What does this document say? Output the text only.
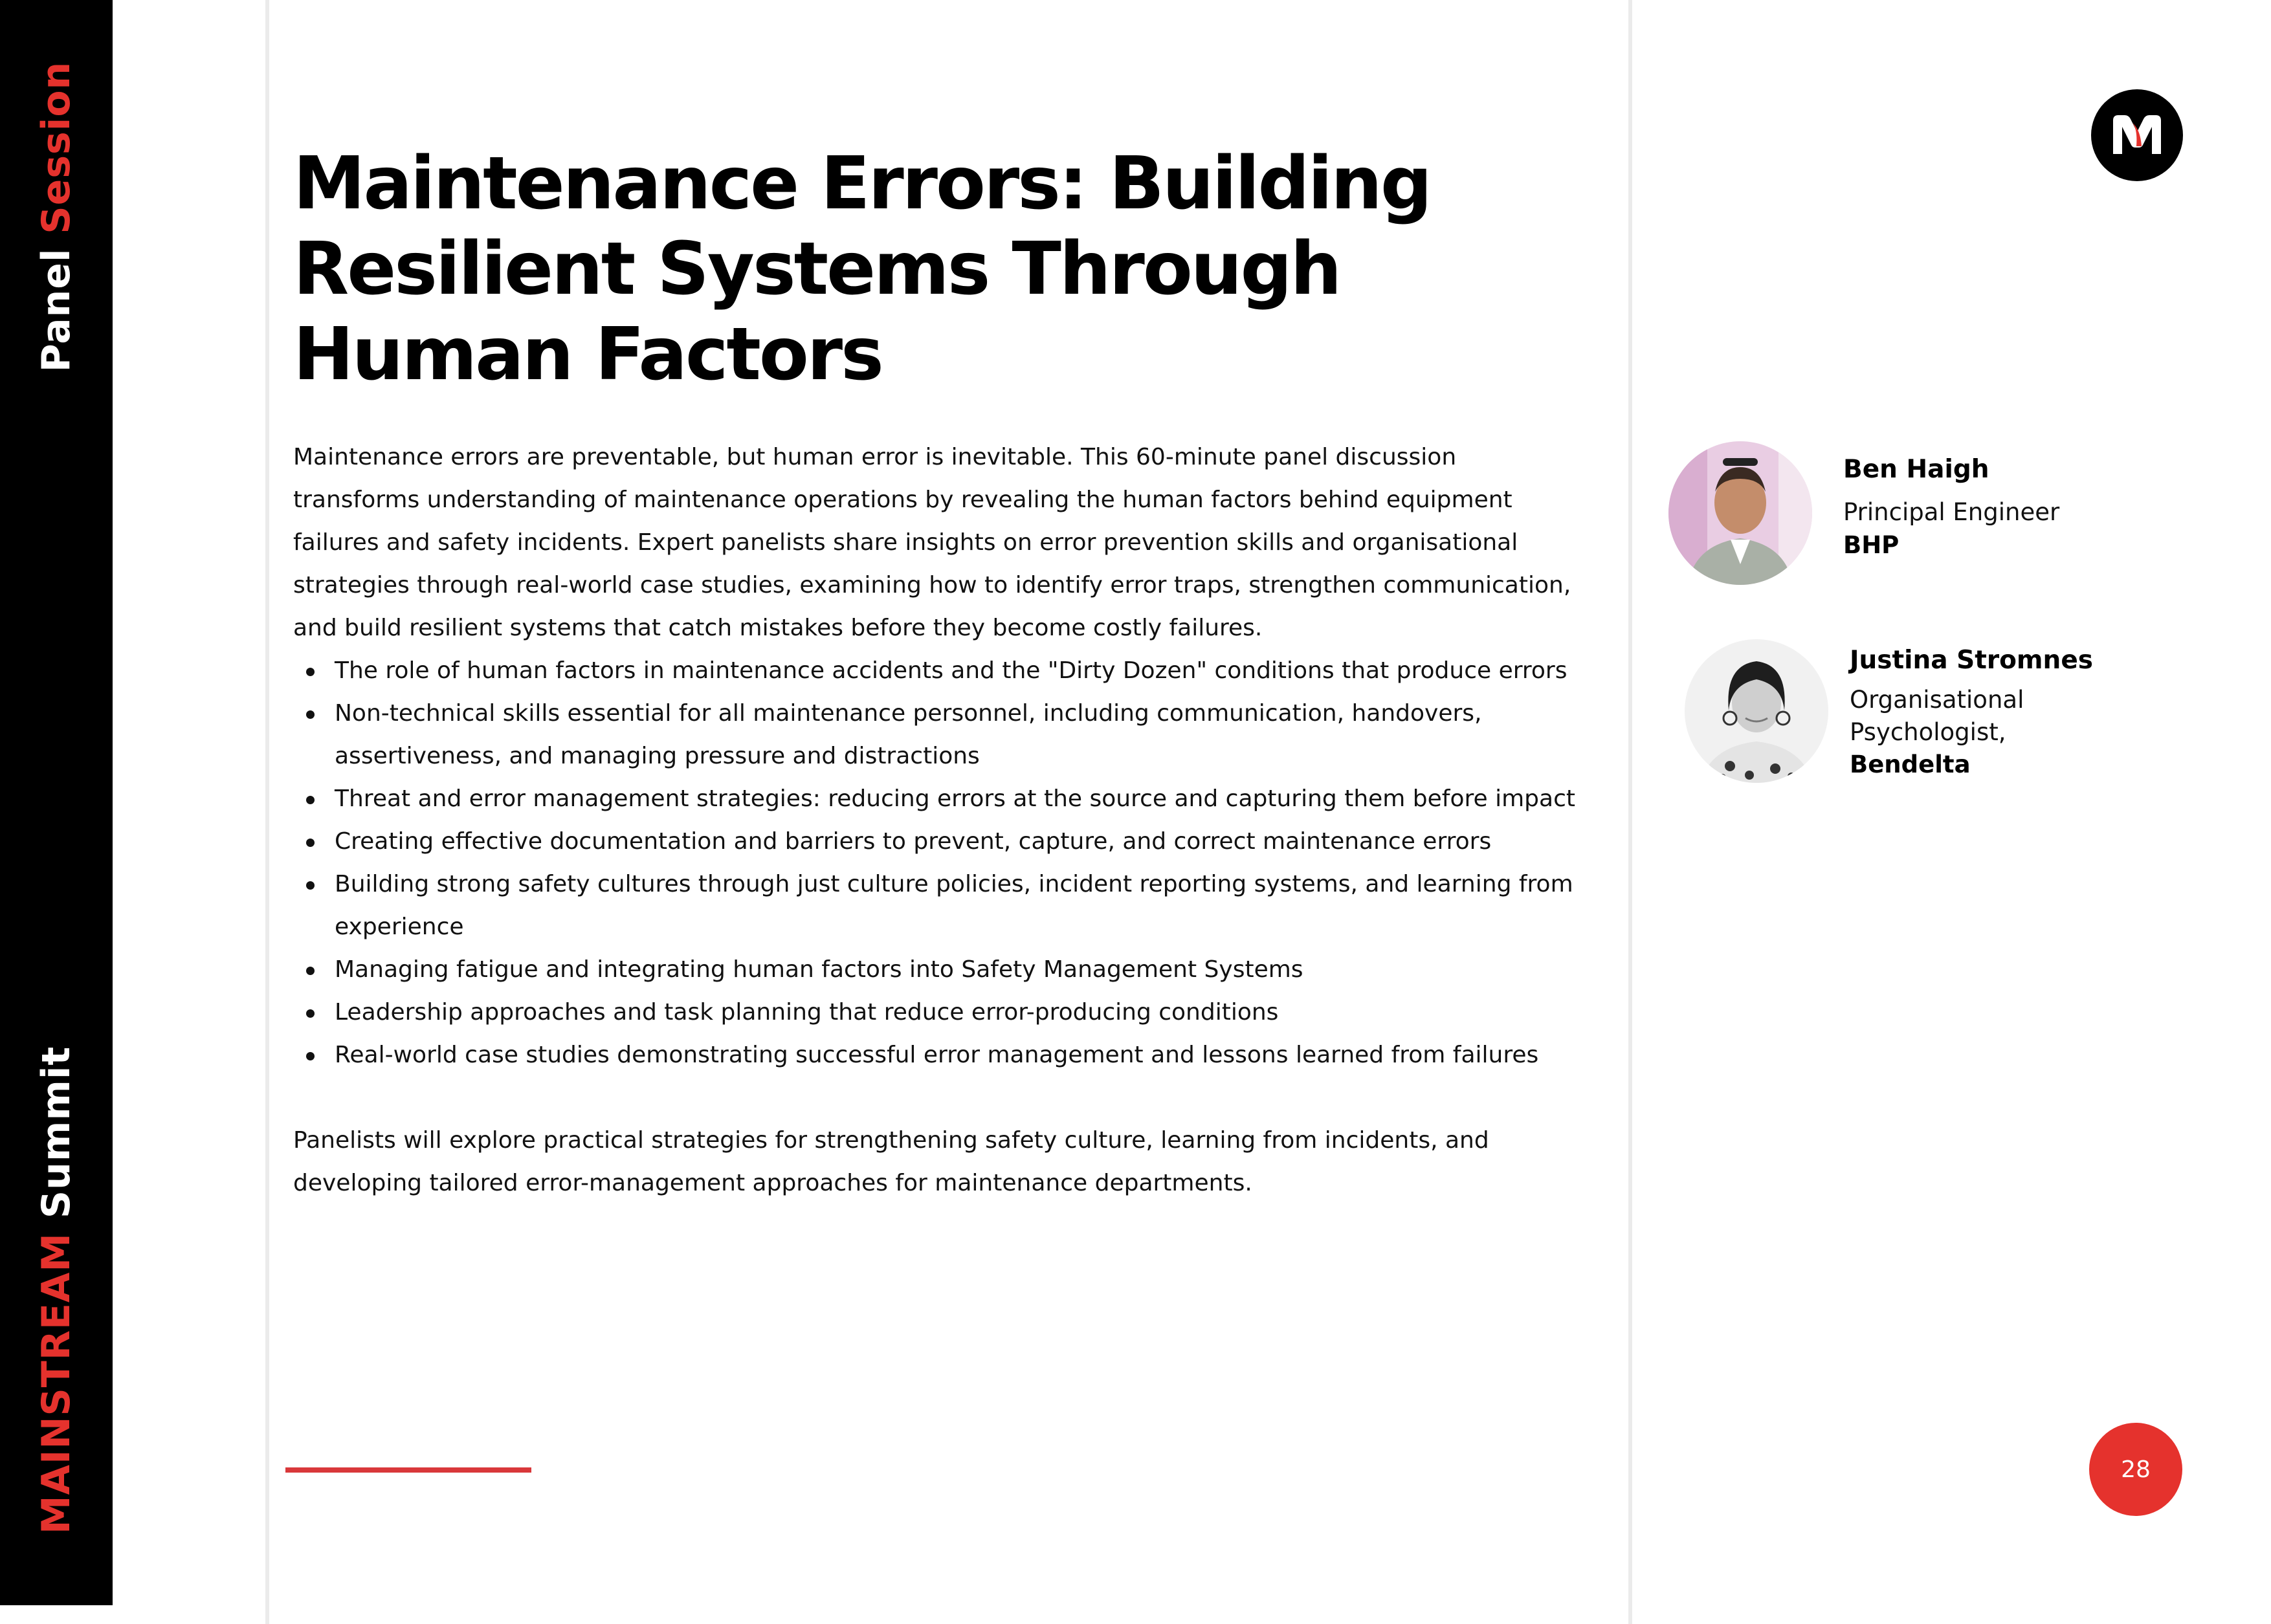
Panel Session
MAINSTREAM Summit
Maintenance Errors: Building Resilient Systems Through Human Factors

Maintenance errors are preventable, but human error is inevitable. This 60-minute panel discussion transforms understanding of maintenance operations by revealing the human factors behind equipment failures and safety incidents. Expert panelists share insights on error prevention skills and organisational strategies through real-world case studies, examining how to identify error traps, strengthen communication, and build resilient systems that catch mistakes before they become costly failures.

The role of human factors in maintenance accidents and the "Dirty Dozen" conditions that produce errors
Non-technical skills essential for all maintenance personnel, including communication, handovers, assertiveness, and managing pressure and distractions
Threat and error management strategies: reducing errors at the source and capturing them before impact
Creating effective documentation and barriers to prevent, capture, and correct maintenance errors
Building strong safety cultures through just culture policies, incident reporting systems, and learning from experience
Managing fatigue and integrating human factors into Safety Management Systems
Leadership approaches and task planning that reduce error-producing conditions
Real-world case studies demonstrating successful error management and lessons learned from failures

Panelists will explore practical strategies for strengthening safety culture, learning from incidents, and developing tailored error-management approaches for maintenance departments.

Ben Haigh
Principal Engineer
BHP
Justina Stromnes
Organisational Psychologist,
Bendelta
28
